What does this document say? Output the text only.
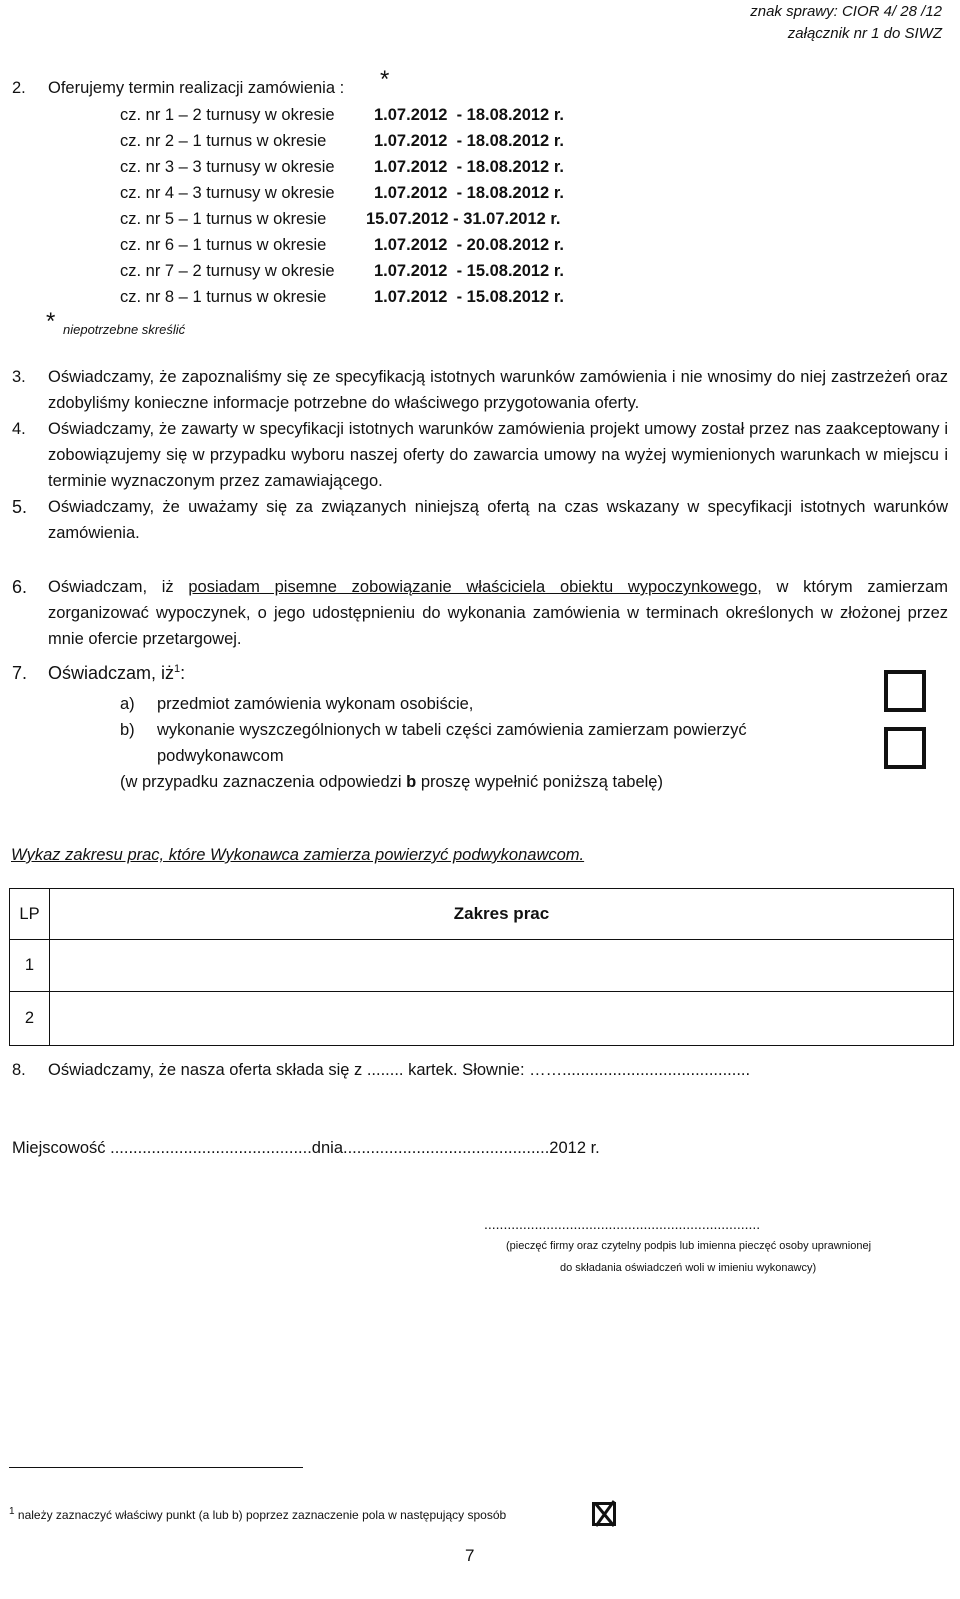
znak sprawy: CIOR 4/ 28 /12
załącznik nr 1 do SIWZ
2. Oferujemy termin realizacji zamówienia : *
cz. nr 1 – 2 turnusy w okresie 1.07.2012  - 18.08.2012 r.
cz. nr 2 – 1 turnus w okresie	1.07.2012  - 18.08.2012 r.
cz. nr 3 – 3 turnusy w okresie 1.07.2012  - 18.08.2012 r.
cz. nr 4 – 3 turnusy w okresie 1.07.2012  - 18.08.2012 r.
cz. nr 5 – 1 turnus w okresie 15.07.2012 - 31.07.2012 r.
cz. nr 6 – 1 turnus w okresie	1.07.2012  - 20.08.2012 r.
cz. nr 7 – 2 turnusy w okresie 1.07.2012  - 15.08.2012 r.
cz. nr 8 – 1 turnus w okresie	1.07.2012  - 15.08.2012 r.
* niepotrzebne skreślić
3. Oświadczamy, że zapoznaliśmy się ze specyfikacją istotnych warunków zamówienia i nie wnosimy do niej zastrzeżeń oraz zdobyliśmy konieczne informacje potrzebne do właściwego przygotowania oferty.
4. Oświadczamy, że zawarty w specyfikacji istotnych warunków zamówienia projekt umowy został przez nas zaakceptowany i zobowiązujemy się w przypadku wyboru naszej oferty do zawarcia umowy na wyżej wymienionych warunkach w miejscu i terminie wyznaczonym przez zamawiającego.
5. Oświadczamy, że uważamy się za związanych niniejszą ofertą na czas wskazany w specyfikacji istotnych warunków zamówienia.
6. Oświadczam, iż posiadam pisemne zobowiązanie właściciela obiektu wypoczynkowego, w którym zamierzam zorganizować wypoczynek, o jego udostępnieniu do wykonania zamówienia w terminach określonych w złożonej przez mnie ofercie przetargowej.
7. Oświadczam, $iż^1$:
a) przedmiot zamówienia wykonam osobiście,
b) wykonanie wyszczególnionych w tabeli części zamówienia zamierzam powierzyć
podwykonawcom
(w przypadku zaznaczenia odpowiedzi b proszę wypełnić poniższą tabelę)
Wykaz zakresu prac, które Wykonawca zamierza powierzyć podwykonawcom.
LP	Zakres prac
1	
2	
8. Oświadczamy, że nasza oferta składa się z ........ kartek. Słownie: …….........................................
Miejscowość ............................................dnia.............................................2012 r.
.......................................................................
(pieczęć firmy oraz czytelny podpis lub imienna pieczęć osoby uprawnionej
do składania oświadczeń woli w imieniu wykonawcy)
$^1$ należy zaznaczyć właściwy punkt (a lub b) poprzez zaznaczenie pola w następujący sposób
7
